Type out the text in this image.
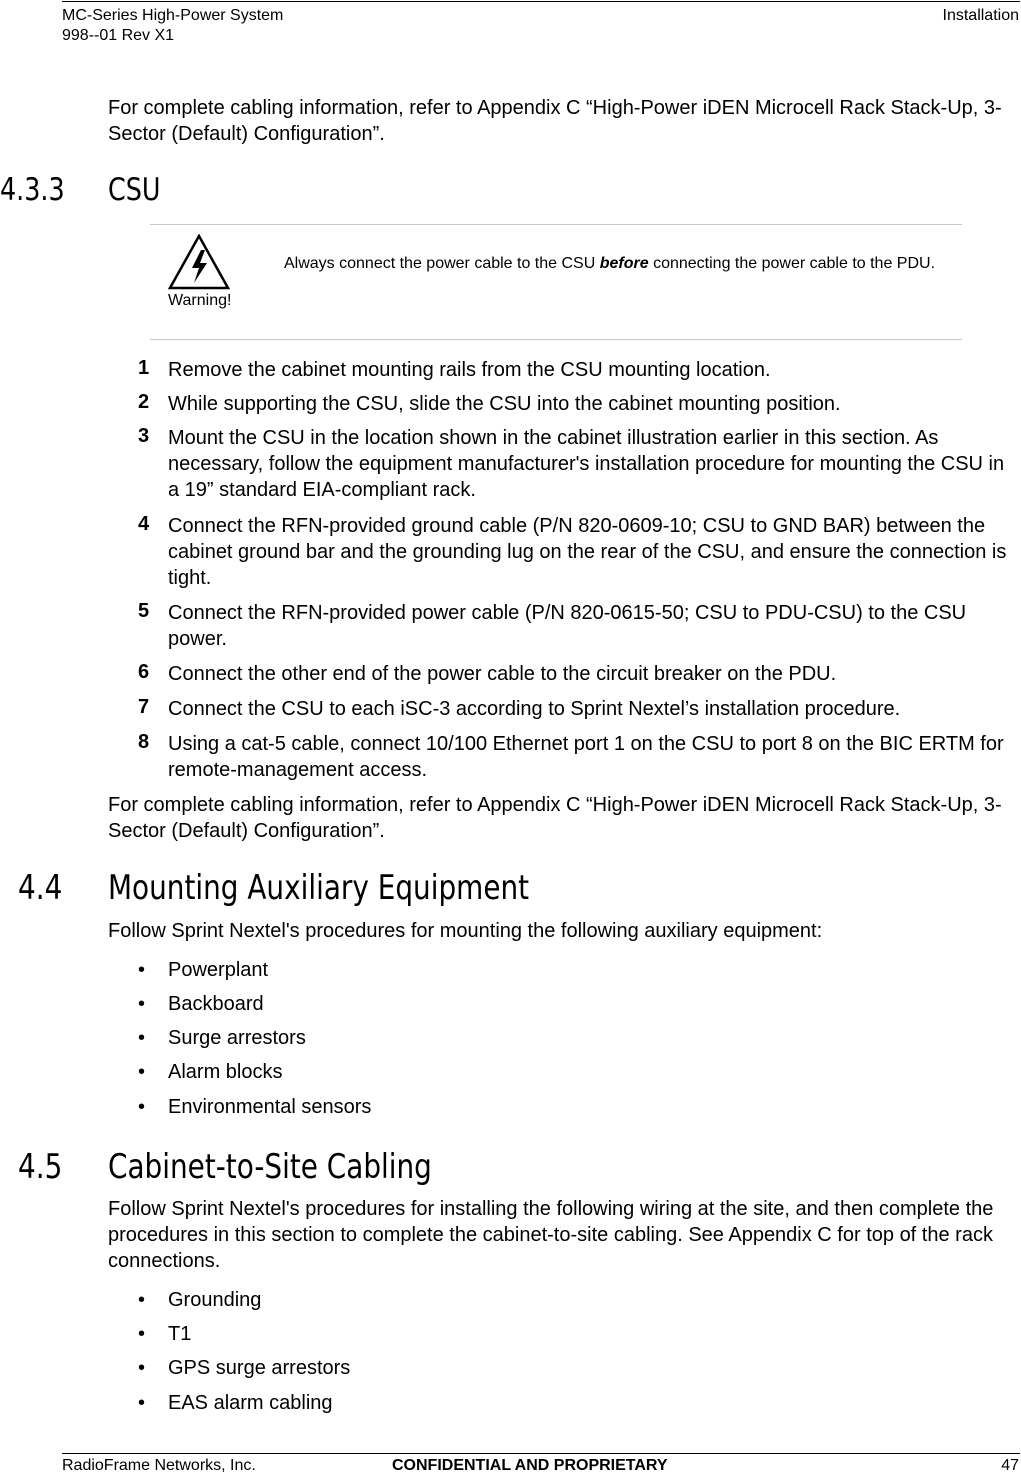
MC-Series High-Power System
998--01 Rev X1
Installation
For complete cabling information, refer to Appendix C “High-Power iDEN Microcell Rack Stack-Up, 3-Sector (Default) Configuration”.
4.3.3 CSU
Warning!
Always connect the power cable to the CSU before connecting the power cable to the PDU.
1 Remove the cabinet mounting rails from the CSU mounting location.
2 While supporting the CSU, slide the CSU into the cabinet mounting position.
3 Mount the CSU in the location shown in the cabinet illustration earlier in this section. As necessary, follow the equipment manufacturer's installation procedure for mounting the CSU in a 19” standard EIA-compliant rack.
4 Connect the RFN-provided ground cable (P/N 820-0609-10; CSU to GND BAR) between the cabinet ground bar and the grounding lug on the rear of the CSU, and ensure the connection is tight.
5 Connect the RFN-provided power cable (P/N 820-0615-50; CSU to PDU-CSU) to the CSU power.
6 Connect the other end of the power cable to the circuit breaker on the PDU.
7 Connect the CSU to each iSC-3 according to Sprint Nextel’s installation procedure.
8 Using a cat-5 cable, connect 10/100 Ethernet port 1 on the CSU to port 8 on the BIC ERTM for remote-management access.
For complete cabling information, refer to Appendix C “High-Power iDEN Microcell Rack Stack-Up, 3-Sector (Default) Configuration”.
4.4 Mounting Auxiliary Equipment
Follow Sprint Nextel's procedures for mounting the following auxiliary equipment:
• Powerplant
• Backboard
• Surge arrestors
• Alarm blocks
• Environmental sensors
4.5 Cabinet-to-Site Cabling
Follow Sprint Nextel's procedures for installing the following wiring at the site, and then complete the procedures in this section to complete the cabinet-to-site cabling. See Appendix C for top of the rack connections.
• Grounding
• T1
• GPS surge arrestors
• EAS alarm cabling
RadioFrame Networks, Inc.	CONFIDENTIAL AND PROPRIETARY	47
